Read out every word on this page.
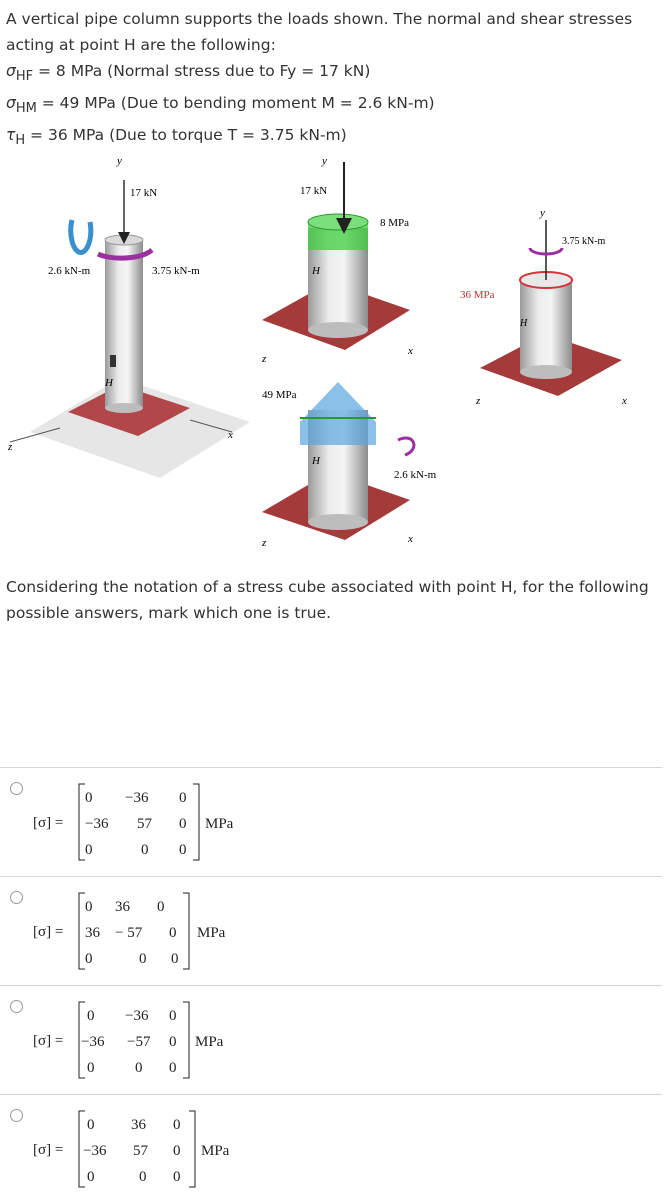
A vertical pipe column supports the loads shown. The normal and shear stresses

acting at point H are the following:

$\sigma_{HF} = 8$ MPa (Normal stress due to Fy = 17 kN)

$\sigma_{HM} = 49$ MPa (Due to bending moment M = 2.6 kN-m)

$\tau_H = 36$ MPa (Due to torque T = 3.75 kN-m)

y
17 kN
2.6 kN-m	3.75 kN-m
H
z
x
y
17 kN
8 MPa
H
z
x
y
3.75 kN-m
36 MPa
H
z	x
49 MPa
H
2.6 kN-m
z	x

Considering the notation of a stress cube associated with point H, for the following possible answers, mark which one is true.

[σ] =
0 −36 0
−36 57 0
0	0 0
MPa
[σ] =
0 36 0
36 − 57 0
0	0 0
MPa
[σ] =
0 −36 0
−36 −57 0
0	0 0
MPa
[σ] =
0 36 0
−36 57 0
0	0 0
MPa
